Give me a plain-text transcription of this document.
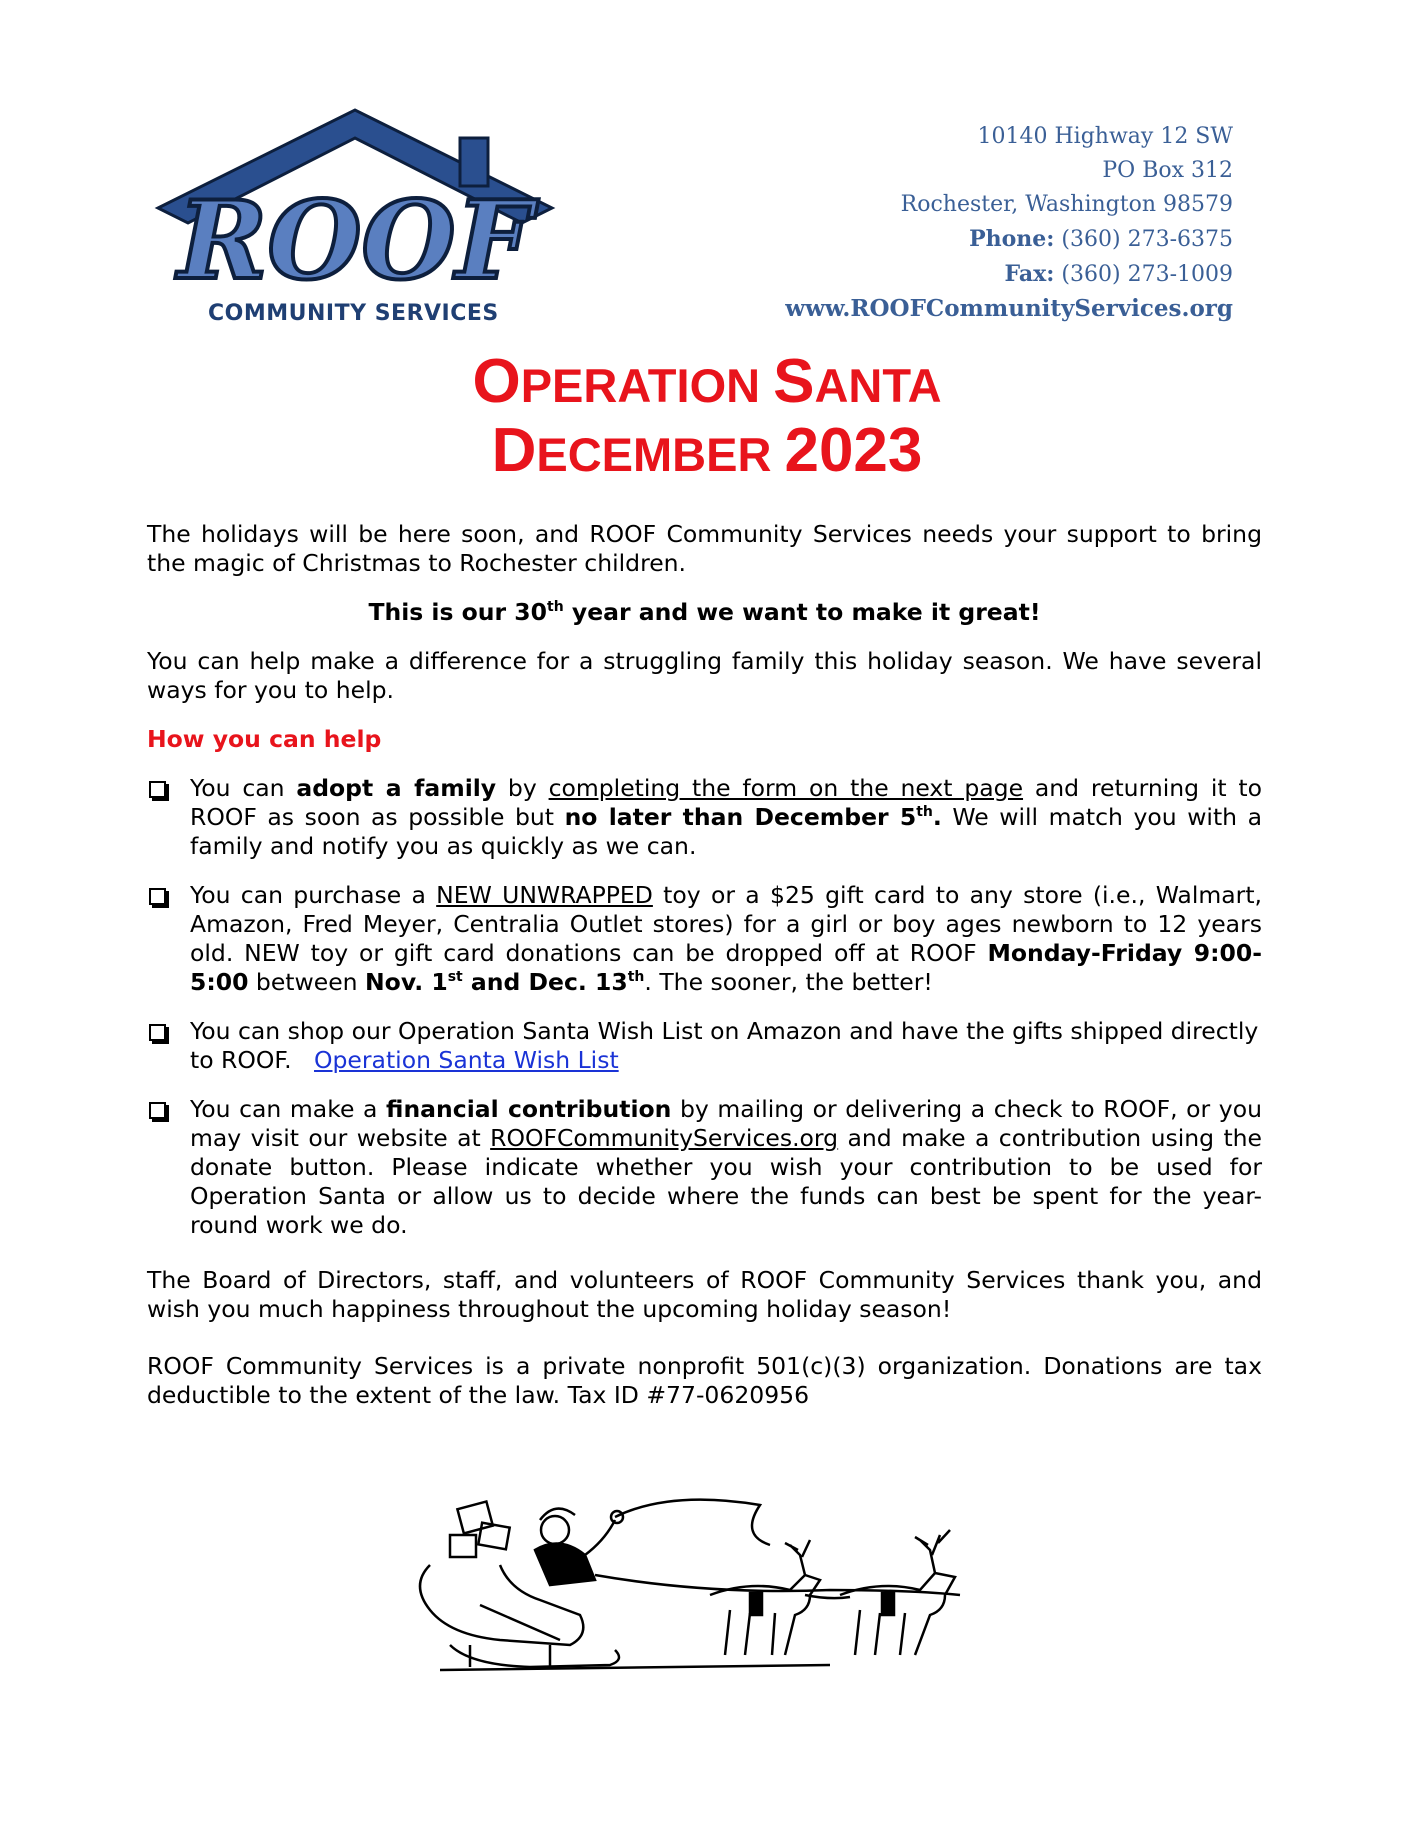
ROOF
COMMUNITY SERVICES
10140 Highway 12 SW
PO Box 312
Rochester, Washington 98579
Phone: (360) 273-6375
Fax: (360) 273-1009
www.ROOFCommunityServices.org
OPERATION SANTA
DECEMBER 2023

The holidays will be here soon, and ROOF Community Services needs your support to bring the magic of Christmas to Rochester children.

This is our 30th year and we want to make it great!

You can help make a difference for a struggling family this holiday season. We have several ways for you to help.

How you can help

You can adopt a family by completing the form on the next page and returning it to ROOF as soon as possible but no later than December 5th. We will match you with a family and notify you as quickly as we can.

You can purchase a NEW UNWRAPPED toy or a $25 gift card to any store (i.e., Walmart, Amazon, Fred Meyer, Centralia Outlet stores) for a girl or boy ages newborn to 12 years old. NEW toy or gift card donations can be dropped off at ROOF Monday-Friday 9:00-5:00 between Nov. 1st and Dec. 13th. The sooner, the better!

You can shop our Operation Santa Wish List on Amazon and have the gifts shipped directly to ROOF.   Operation Santa Wish List

You can make a financial contribution by mailing or delivering a check to ROOF, or you may visit our website at ROOFCommunityServices.org and make a contribution using the donate button. Please indicate whether you wish your contribution to be used for Operation Santa or allow us to decide where the funds can best be spent for the year-round work we do.

The Board of Directors, staff, and volunteers of ROOF Community Services thank you, and wish you much happiness throughout the upcoming holiday season!

ROOF Community Services is a private nonprofit 501(c)(3) organization. Donations are tax deductible to the extent of the law. Tax ID #77-0620956
